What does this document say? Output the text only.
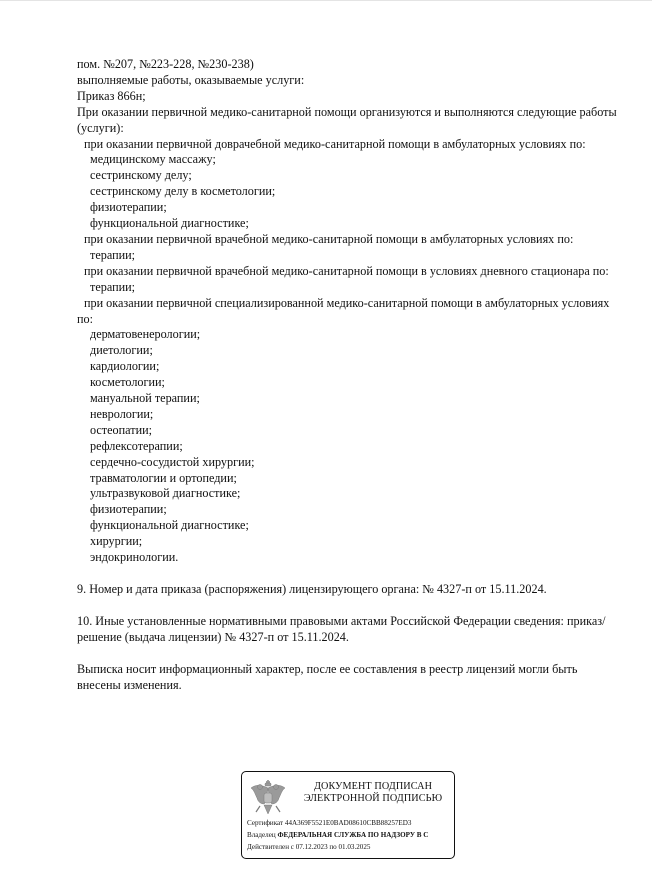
пом. №207, №223-228, №230-238)
выполняемые работы, оказываемые услуги:
Приказ 866н;
При оказании первичной медико-санитарной помощи организуются и выполняются следующие работы (услуги):
при оказании первичной доврачебной медико-санитарной помощи в амбулаторных условиях по:
медицинскому массажу;
сестринскому делу;
сестринскому делу в косметологии;
физиотерапии;
функциональной диагностике;
при оказании первичной врачебной медико-санитарной помощи в амбулаторных условиях по:
терапии;
при оказании первичной врачебной медико-санитарной помощи в условиях дневного стационара по:
терапии;
при оказании первичной специализированной медико-санитарной помощи в амбулаторных условиях по:
дерматовенерологии;
диетологии;
кардиологии;
косметологии;
мануальной терапии;
неврологии;
остеопатии;
рефлексотерапии;
сердечно-сосудистой хирургии;
травматологии и ортопедии;
ультразвуковой диагностике;
физиотерапии;
функциональной диагностике;
хирургии;
эндокринологии.
9. Номер и дата приказа (распоряжения) лицензирующего органа: № 4327-п от 15.11.2024.
10. Иные установленные нормативными правовыми актами Российской Федерации сведения: приказ/решение (выдача лицензии) № 4327-п от 15.11.2024.
Выписка носит информационный характер, после ее составления в реестр лицензий могли быть внесены изменения.
ДОКУМЕНТ ПОДПИСАН
ЭЛЕКТРОННОЙ ПОДПИСЬЮ
Сертификат 44A369F5521E0BAD08610CBB88257ED3
Владелец ФЕДЕРАЛЬНАЯ СЛУЖБА ПО НАДЗОРУ В С
Действителен с 07.12.2023 по 01.03.2025
